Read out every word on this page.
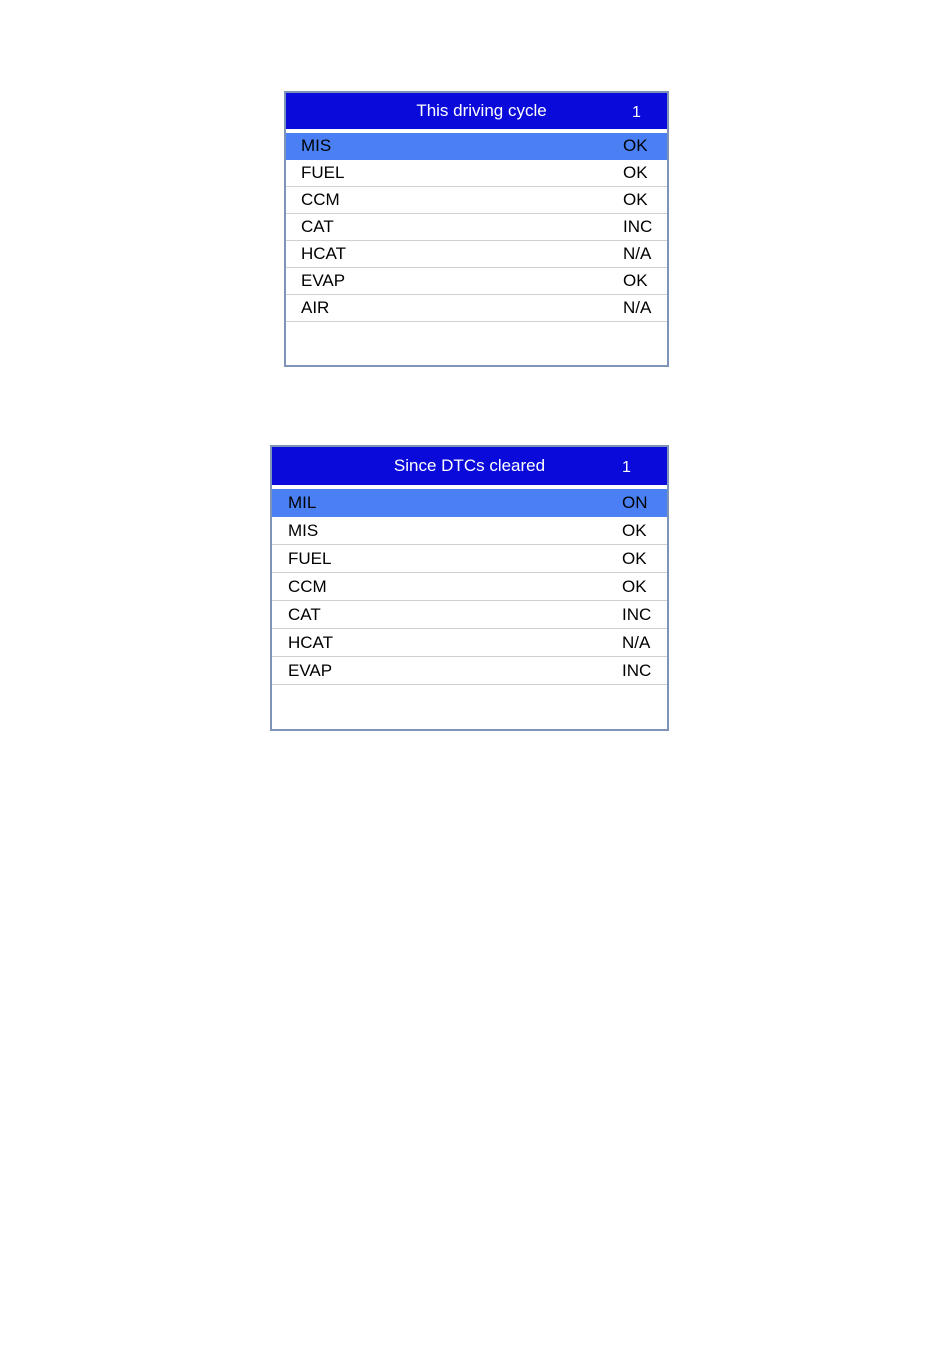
This driving cycle	1
MIS	OK
FUEL	OK
CCM	OK
CAT	INC
HCAT	N/A
EVAP	OK
AIR	N/A
Since DTCs cleared	1
MIL	ON
MIS	OK
FUEL	OK
CCM	OK
CAT	INC
HCAT	N/A
EVAP	INC
